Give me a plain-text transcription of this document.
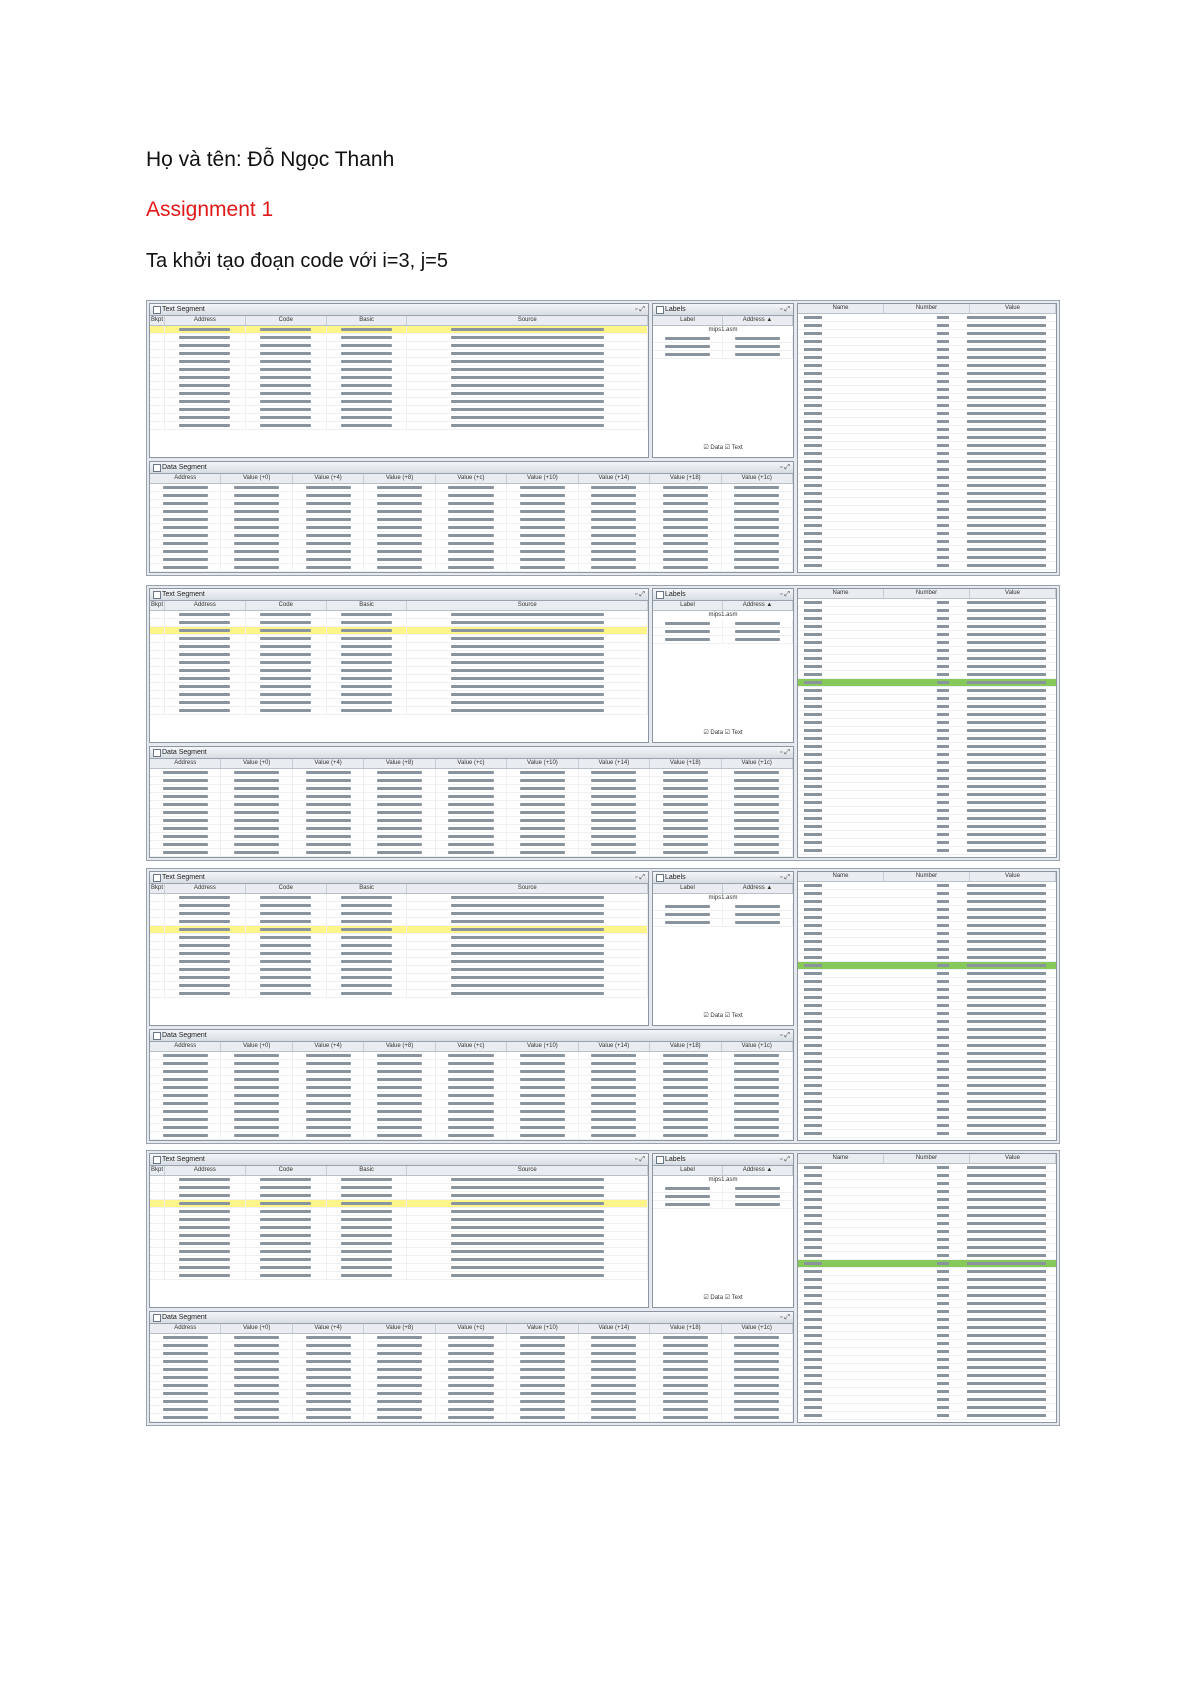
Họ và tên: Đỗ Ngọc Thanh
Assignment 1
Ta khởi tạo đoạn code với i=3, j=5
Text Segment	▫ ⤢
Bkpt	Address	Code	Basic	Source
Labels	▫ ⤢
Label	Address ▲
mips1.asm
☑ Data ☑ Text
Data Segment	▫ ⤢
Address	Value (+0)	Value (+4)	Value (+8)	Value (+c)	Value (+10)	Value (+14)	Value (+18)	Value (+1c)
Name	Number	Value
Text Segment	▫ ⤢
Bkpt	Address	Code	Basic	Source
Labels	▫ ⤢
Label	Address ▲
mips1.asm
☑ Data ☑ Text
Data Segment	▫ ⤢
Address	Value (+0)	Value (+4)	Value (+8)	Value (+c)	Value (+10)	Value (+14)	Value (+18)	Value (+1c)
Name	Number	Value
Text Segment	▫ ⤢
Bkpt	Address	Code	Basic	Source
Labels	▫ ⤢
Label	Address ▲
mips1.asm
☑ Data ☑ Text
Data Segment	▫ ⤢
Address	Value (+0)	Value (+4)	Value (+8)	Value (+c)	Value (+10)	Value (+14)	Value (+18)	Value (+1c)
Name	Number	Value
Text Segment	▫ ⤢
Bkpt	Address	Code	Basic	Source
Labels	▫ ⤢
Label	Address ▲
mips1.asm
☑ Data ☑ Text
Data Segment	▫ ⤢
Address	Value (+0)	Value (+4)	Value (+8)	Value (+c)	Value (+10)	Value (+14)	Value (+18)	Value (+1c)
Name	Number	Value
